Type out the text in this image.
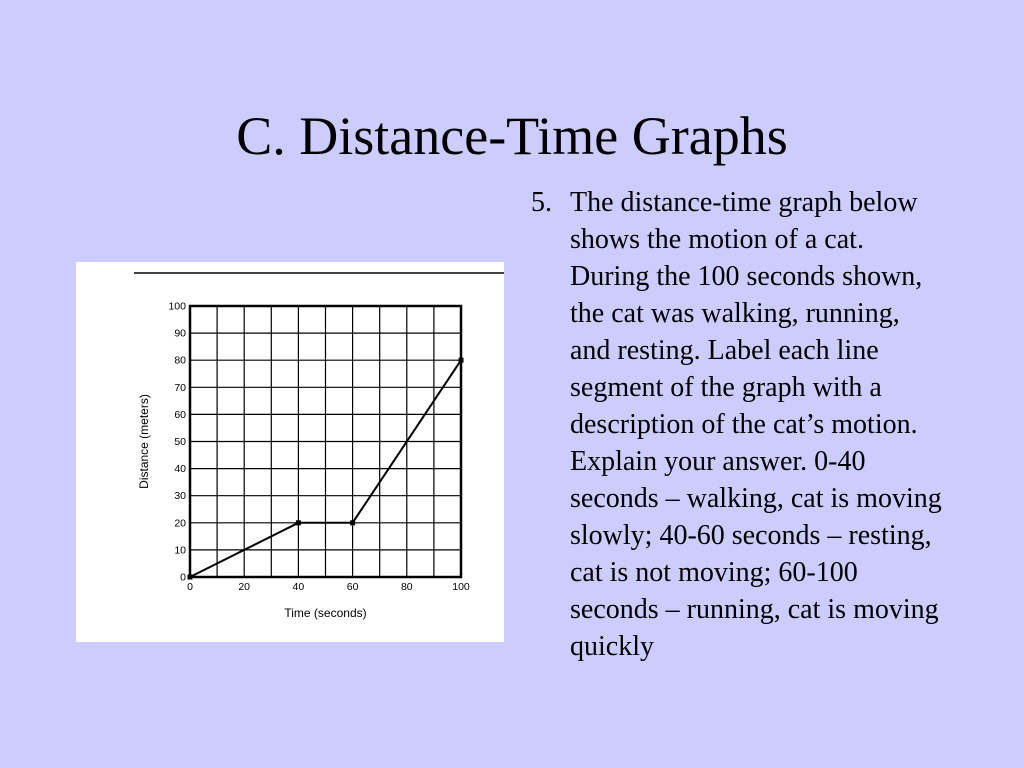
C. Distance-Time Graphs
0	20	40	60	80	100
0
10
20
30
40
50
60
70
80
90
100
Time (seconds)
Distance (meters)
5. The distance-time graph below shows the motion of a cat. During the 100 seconds shown, the cat was walking, running, and resting. Label each line segment of the graph with a description of the cat’s motion. Explain your answer. 0-40 seconds – walking, cat is moving slowly; 40-60 seconds – resting, cat is not moving; 60-100 seconds – running, cat is moving quickly
